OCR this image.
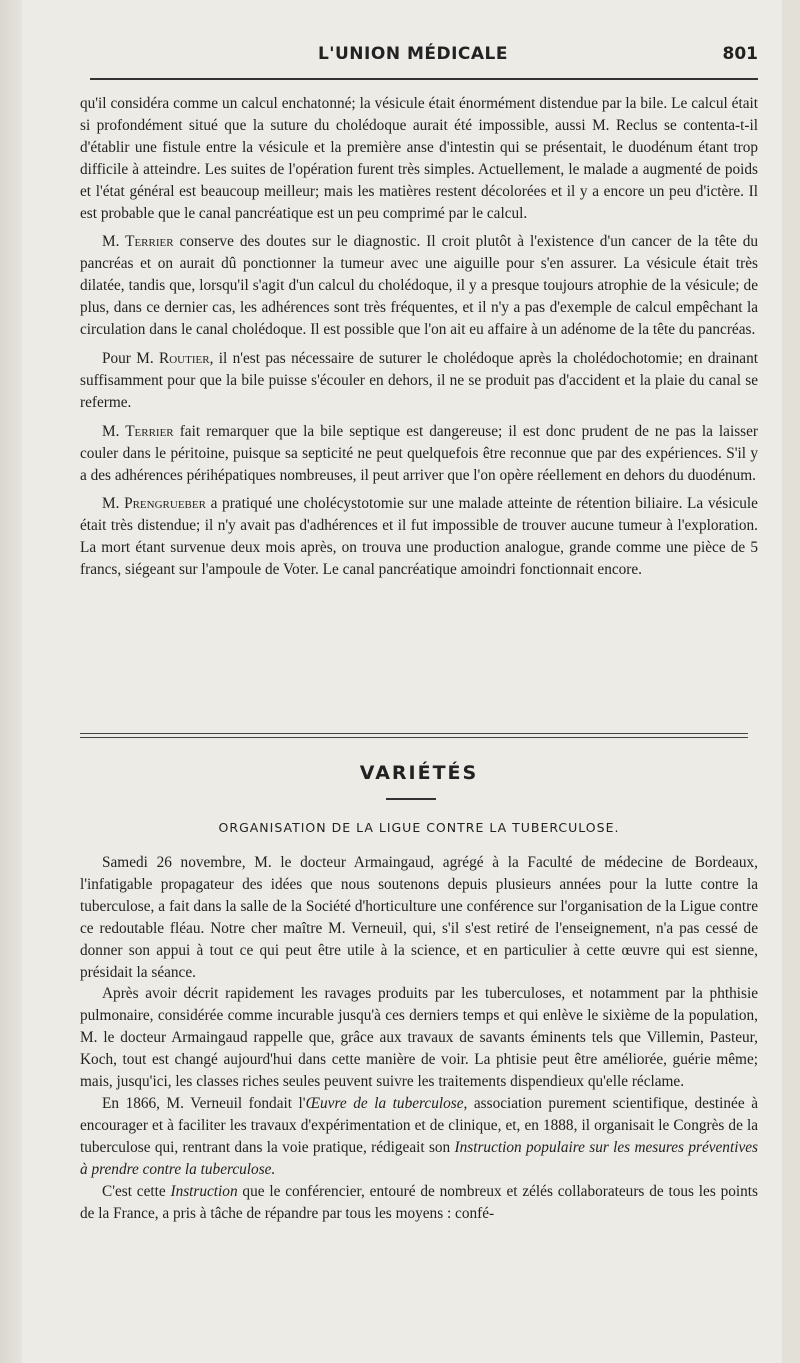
L'UNION MÉDICALE	801

qu'il considéra comme un calcul enchatonné; la vésicule était énormément distendue par la bile. Le calcul était si profondément situé que la suture du cholédoque aurait été impossible, aussi M. Reclus se contenta-t-il d'établir une fistule entre la vésicule et la première anse d'intestin qui se présentait, le duodénum étant trop difficile à atteindre. Les suites de l'opération furent très simples. Actuellement, le malade a augmenté de poids et l'état général est beaucoup meilleur; mais les matières restent décolorées et il y a encore un peu d'ictère. Il est probable que le canal pancréatique est un peu comprimé par le calcul.

M. Terrier conserve des doutes sur le diagnostic. Il croit plutôt à l'existence d'un cancer de la tête du pancréas et on aurait dû ponctionner la tumeur avec une aiguille pour s'en assurer. La vésicule était très dilatée, tandis que, lorsqu'il s'agit d'un calcul du cholédoque, il y a presque toujours atrophie de la vésicule; de plus, dans ce dernier cas, les adhérences sont très fréquentes, et il n'y a pas d'exemple de calcul empêchant la circulation dans le canal cholédoque. Il est possible que l'on ait eu affaire à un adénome de la tête du pancréas.

Pour M. Routier, il n'est pas nécessaire de suturer le cholédoque après la cholédochotomie; en drainant suffisamment pour que la bile puisse s'écouler en dehors, il ne se produit pas d'accident et la plaie du canal se referme.

M. Terrier fait remarquer que la bile septique est dangereuse; il est donc prudent de ne pas la laisser couler dans le péritoine, puisque sa septicité ne peut quelquefois être reconnue que par des expériences. S'il y a des adhérences périhépatiques nombreuses, il peut arriver que l'on opère réellement en dehors du duodénum.

M. Prengrueber a pratiqué une cholécystotomie sur une malade atteinte de rétention biliaire. La vésicule était très distendue; il n'y avait pas d'adhérences et il fut impossible de trouver aucune tumeur à l'exploration. La mort étant survenue deux mois après, on trouva une production analogue, grande comme une pièce de 5 francs, siégeant sur l'ampoule de Voter. Le canal pancréatique amoindri fonctionnait encore.

VARIÉTÉS
ORGANISATION DE LA LIGUE CONTRE LA TUBERCULOSE.

Samedi 26 novembre, M. le docteur Armaingaud, agrégé à la Faculté de médecine de Bordeaux, l'infatigable propagateur des idées que nous soutenons depuis plusieurs années pour la lutte contre la tuberculose, a fait dans la salle de la Société d'horticulture une conférence sur l'organisation de la Ligue contre ce redoutable fléau. Notre cher maître M. Verneuil, qui, s'il s'est retiré de l'enseignement, n'a pas cessé de donner son appui à tout ce qui peut être utile à la science, et en particulier à cette œuvre qui est sienne, présidait la séance.

Après avoir décrit rapidement les ravages produits par les tuberculoses, et notamment par la phthisie pulmonaire, considérée comme incurable jusqu'à ces derniers temps et qui enlève le sixième de la population, M. le docteur Armaingaud rappelle que, grâce aux travaux de savants éminents tels que Villemin, Pasteur, Koch, tout est changé aujourd'hui dans cette manière de voir. La phtisie peut être améliorée, guérie même; mais, jusqu'ici, les classes riches seules peuvent suivre les traitements dispendieux qu'elle réclame.

En 1866, M. Verneuil fondait l'Œuvre de la tuberculose, association purement scientifique, destinée à encourager et à faciliter les travaux d'expérimentation et de clinique, et, en 1888, il organisait le Congrès de la tuberculose qui, rentrant dans la voie pratique, rédigeait son Instruction populaire sur les mesures préventives à prendre contre la tuberculose.

C'est cette Instruction que le conférencier, entouré de nombreux et zélés collaborateurs de tous les points de la France, a pris à tâche de répandre par tous les moyens : confé-
